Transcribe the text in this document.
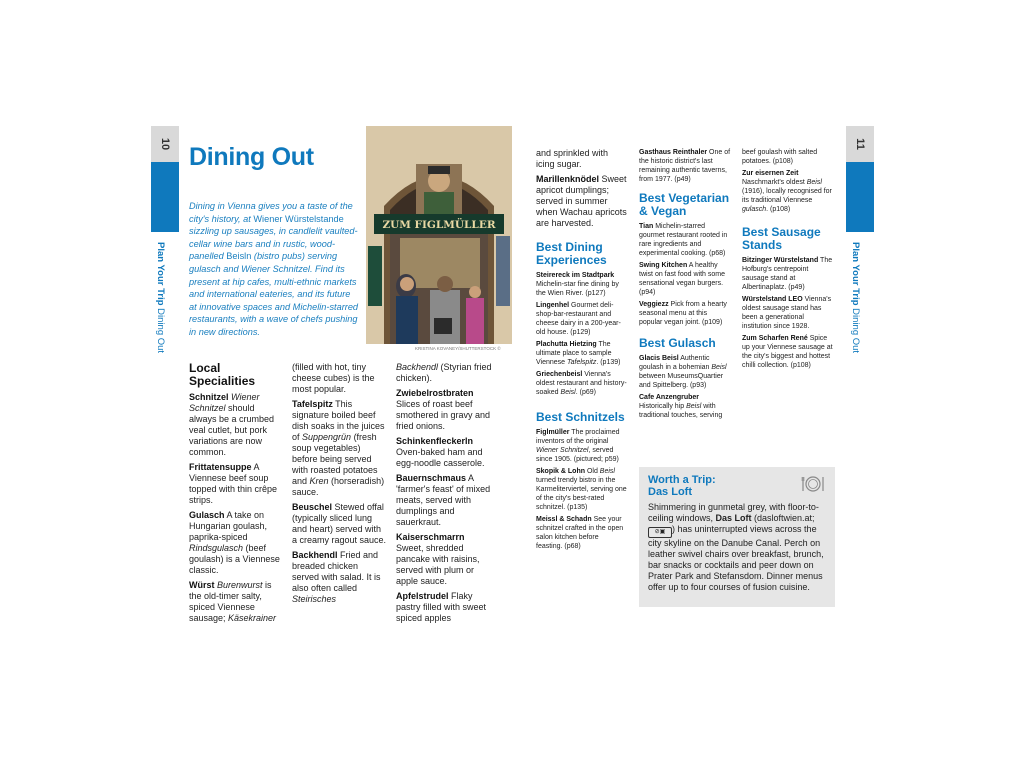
10
Plan Your Trip Dining Out
11
Plan Your Trip Dining Out
Dining Out

Dining in Vienna gives you a taste of the city's history, at Wiener Würstelstande sizzling up sausages, in candlelit vaulted-cellar wine bars and in rustic, wood-panelled Beisln (bistro pubs) serving gulasch and Wiener Schnitzel. Find its present at hip cafes, multi-ethnic markets and international eateries, and its future at innovative spaces and Michelin-starred restaurants, with a wave of chefs pushing in new directions.

ZUM FIGLMÜLLER
KRISTINA KOVANEY/SHUTTERSTOCK ©
Local Specialities

Schnitzel Wiener Schnitzel should always be a crumbed veal cutlet, but pork variations are now common.

Frittatensuppe A Viennese beef soup topped with thin crêpe strips.

Gulasch A take on Hungarian goulash, paprika-spiced Rindsgulasch (beef goulash) is a Viennese classic.

Würst Burenwurst is the old-timer salty, spiced Viennese sausage; Käsekrainer

(filled with hot, tiny cheese cubes) is the most popular.

Tafelspitz This signature boiled beef dish soaks in the juices of Suppengrün (fresh soup vegetables) before being served with roasted potatoes and Kren (horseradish) sauce.

Beuschel Stewed offal (typically sliced lung and heart) served with a creamy ragout sauce.

Backhendl Fried and breaded chicken served with salad. It is also often called Steirisches

Backhendl (Styrian fried chicken).

Zwiebelrostbraten Slices of roast beef smothered in gravy and fried onions.

Schinkenfleckerln Oven-baked ham and egg-noodle casserole.

Bauernschmaus A 'farmer's feast' of mixed meats, served with dumplings and sauerkraut.

Kaiserschmarrn Sweet, shredded pancake with raisins, served with plum or apple sauce.

Apfelstrudel Flaky pastry filled with sweet spiced apples

and sprinkled with icing sugar.

Marillenknödel Sweet apricot dumplings; served in summer when Wachau apricots are harvested.

Best Dining Experiences

Steirereck im Stadtpark Michelin-star fine dining by the Wien River. (p127)

Lingenhel Gourmet deli-shop-bar-restaurant and cheese dairy in a 200-year-old house. (p129)

Plachutta Hietzing The ultimate place to sample Viennese Tafelspitz. (p139)

Griechenbeisl Vienna's oldest restaurant and history-soaked Beisl. (p69)

Best Schnitzels

Figlmüller The proclaimed inventors of the original Wiener Schnitzel, served since 1905. (pictured; p59)

Skopik & Lohn Old Beisl turned trendy bistro in the Karmeliterviertel, serving one of the city's best-rated schnitzel. (p135)

Meissl & Schadn See your schnitzel crafted in the open salon kitchen before feasting. (p68)

Gasthaus Reinthaler One of the historic district's last remaining authentic taverns, from 1977. (p49)

Best Vegetarian & Vegan

Tian Michelin-starred gourmet restaurant rooted in rare ingredients and experimental cooking. (p68)

Swing Kitchen A healthy twist on fast food with some sensational vegan burgers. (p94)

Veggiezz Pick from a hearty seasonal menu at this popular vegan joint. (p109)

Best Gulasch

Glacis Beisl Authentic goulash in a bohemian Beisl between MuseumsQuartier and Spittelberg. (p93)

Cafe Anzengruber Historically hip Beisl with traditional touches, serving

beef goulash with salted potatoes. (p108)

Zur eisernen Zeit Naschmarkt's oldest Beisl (1916), locally recognised for its traditional Viennese gulasch. (p108)

Best Sausage Stands

Bitzinger Würstelstand The Hofburg's centrepoint sausage stand at Albertinaplatz. (p49)

Würstelstand LEO Vienna's oldest sausage stand has been a generational institution since 1928.

Zum Scharfen René Spice up your Viennese sausage at the city's biggest and hottest chilli collection. (p108)

Worth a Trip:
Das Loft

Shimmering in gunmetal grey, with floor-to-ceiling windows, Das Loft (dasloftwien.at; ⊘▣ ) has uninterrupted views across the city skyline on the Danube Canal. Perch on leather swivel chairs over breakfast, brunch, bar snacks or cocktails and peer down on Prater Park and Stefansdom. Dinner menus offer up to four courses of fusion cuisine.
